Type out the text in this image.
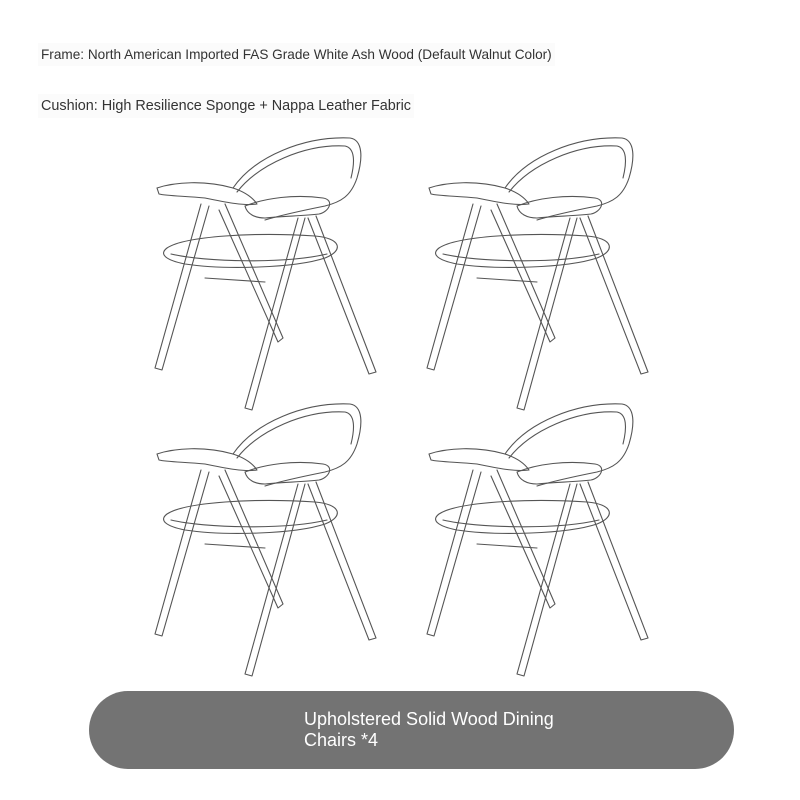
Frame: North American Imported FAS Grade White Ash Wood (Default Walnut Color)
Cushion: High Resilience Sponge + Nappa Leather Fabric
Upholstered Solid Wood Dining Chairs *4
